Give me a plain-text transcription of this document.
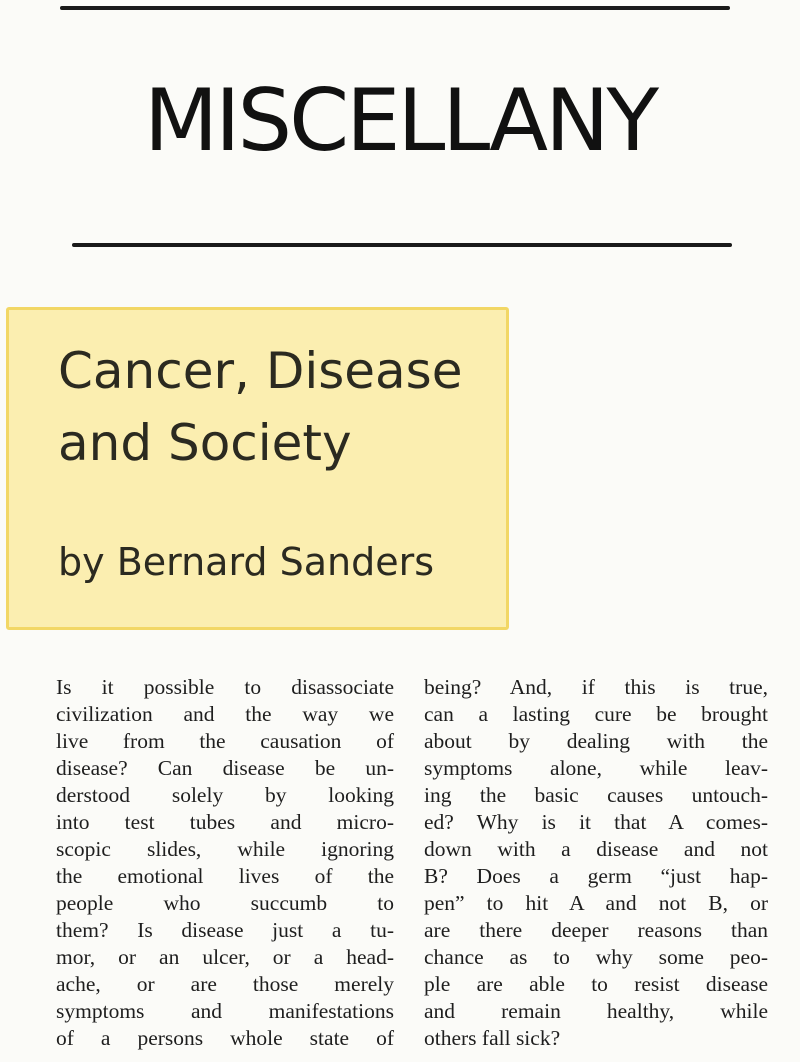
MISCELLANY
Cancer, Disease
and Society

by Bernard Sanders

Is it possible to disassociate
civilization and the way we
live from the causation of
disease? Can disease be un-
derstood solely by looking
into test tubes and micro-
scopic slides, while ignoring
the emotional lives of the
people who succumb to
them? Is disease just a tu-
mor, or an ulcer, or a head-
ache, or are those merely
symptoms and manifestations
of a persons whole state of
being? And, if this is true,
can a lasting cure be brought
about by dealing with the
symptoms alone, while leav-
ing the basic causes untouch-
ed? Why is it that A comes-
down with a disease and not
B? Does a germ “just hap-
pen” to hit A and not B, or
are there deeper reasons than
chance as to why some peo-
ple are able to resist disease
and remain healthy, while
others fall sick?
